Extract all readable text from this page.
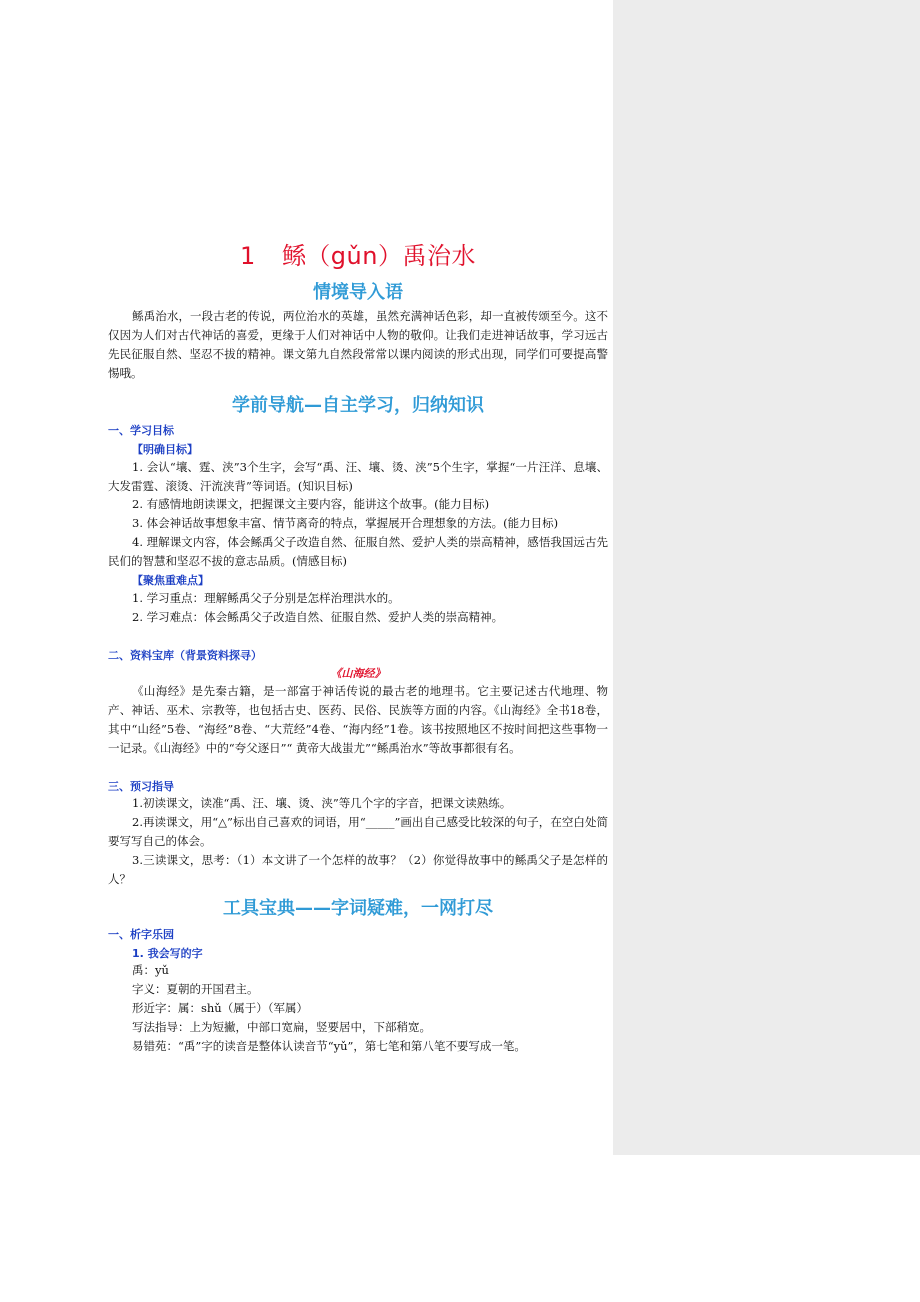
1 鲧（gǔn）禹治水
情境导入语
鲧禹治水，一段古老的传说，两位治水的英雄，虽然充满神话色彩，却一直被传颂至今。这不仅因为人们对古代神话的喜爱，更缘于人们对神话中人物的敬仰。让我们走进神话故事，学习远古先民征服自然、坚忍不拔的精神。课文第九自然段常常以课内阅读的形式出现，同学们可要提高警惕哦。
学前导航—自主学习，归纳知识
一、学习目标
【明确目标】
1. 会认“壤、霆、浃”3个生字，会写“禹、汪、壤、烫、浃”5个生字，掌握“一片汪洋、息壤、大发雷霆、滚烫、汗流浃背”等词语。(知识目标)
2. 有感情地朗读课文，把握课文主要内容，能讲这个故事。(能力目标)
3. 体会神话故事想象丰富、情节离奇的特点，掌握展开合理想象的方法。(能力目标)
4. 理解课文内容，体会鲧禹父子改造自然、征服自然、爱护人类的崇高精神，感悟我国远古先民们的智慧和坚忍不拔的意志品质。(情感目标)
【聚焦重难点】
1. 学习重点：理解鲧禹父子分别是怎样治理洪水的。
2. 学习难点：体会鲧禹父子改造自然、征服自然、爱护人类的崇高精神。
二、资料宝库（背景资料探寻）
《山海经》
《山海经》是先秦古籍，是一部富于神话传说的最古老的地理书。它主要记述古代地理、物产、神话、巫术、宗教等，也包括古史、医药、民俗、民族等方面的内容。《山海经》全书18卷，其中“山经”5卷、“海经”8卷、“大荒经”4卷、“海内经”1卷。该书按照地区不按时间把这些事物一一记录。《山海经》中的“夸父逐日”“ 黄帝大战蚩尤”“鲧禹治水”等故事都很有名。
三、预习指导
1.初读课文，读准“禹、汪、壤、烫、浃”等几个字的字音，把课文读熟练。
2.再读课文，用“△”标出自己喜欢的词语，用“_____”画出自己感受比较深的句子，在空白处简要写写自己的体会。
3.三读课文，思考：（1）本文讲了一个怎样的故事？（2）你觉得故事中的鲧禹父子是怎样的人？
工具宝典——字词疑难，一网打尽
一、析字乐园
1. 我会写的字
禹：yǔ
字义：夏朝的开国君主。
形近字：属：shǔ（属于）（军属）
写法指导：上为短撇，中部口宽扁，竖要居中，下部稍宽。
易错苑：“禹”字的读音是整体认读音节“yǔ”，第七笔和第八笔不要写成一笔。
